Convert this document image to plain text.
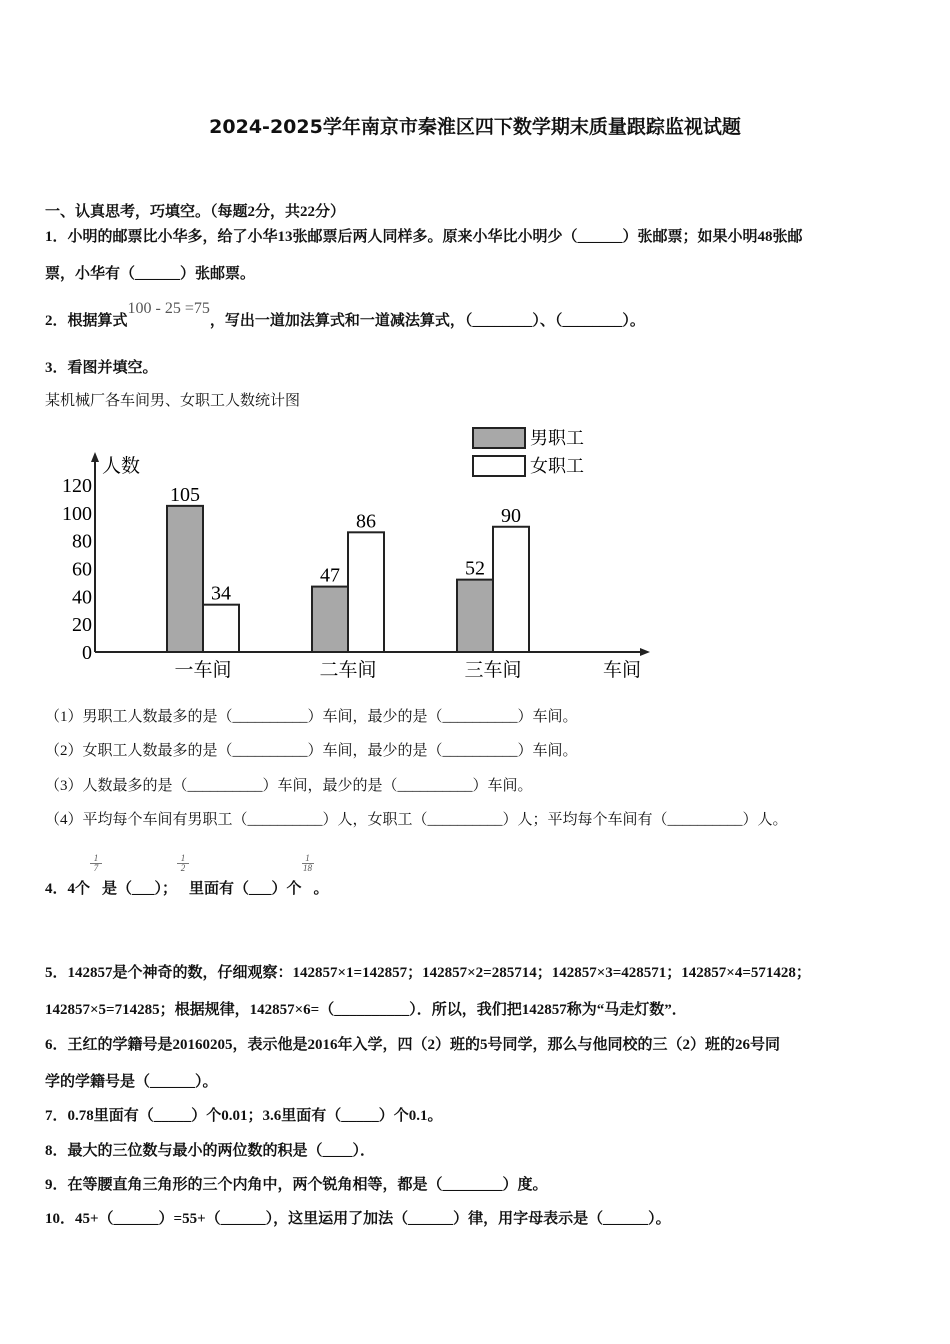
2024-2025学年南京市秦淮区四下数学期末质量跟踪监视试题
一、认真思考，巧填空。（每题2分，共22分）
1．小明的邮票比小华多，给了小华13张邮票后两人同样多。原来小华比小明少（______）张邮票；如果小明48张邮
票，小华有（______）张邮票。
2．根据算式100 - 25 =75，写出一道加法算式和一道减法算式，（________）、（________）。
3．看图并填空。
某机械厂各车间男、女职工人数统计图
人数
车间
0
20
40
60
80
100
120
一车间
105
34
二车间
47
86
三车间
52
90
男职工
女职工
（1）男职工人数最多的是（__________）车间，最少的是（__________）车间。
（2）女职工人数最多的是（__________）车间，最少的是（__________）车间。
（3）人数最多的是（__________）车间，最少的是（__________）车间。
（4）平均每个车间有男职工（__________）人，女职工（__________）人；平均每个车间有（__________）人。
4．4个
$\frac{1}{7}$是（___）；
$\frac{1}{2}$里面有（___）个
$\frac{1}{18}$。
5．142857是个神奇的数，仔细观察：142857×1=142857；142857×2=285714；142857×3=428571；142857×4=571428；
142857×5=714285；根据规律，142857×6=（__________）．所以，我们把142857称为“马走灯数”．
6．王红的学籍号是20160205，表示他是2016年入学，四（2）班的5号同学，那么与他同校的三（2）班的26号同
学的学籍号是（______）。
7．0.78里面有（_____）个0.01；3.6里面有（_____）个0.1。
8．最大的三位数与最小的两位数的积是（____）．
9．在等腰直角三角形的三个内角中，两个锐角相等，都是（________）度。
10．45+（______）=55+（______），这里运用了加法（______）律，用字母表示是（______）。
